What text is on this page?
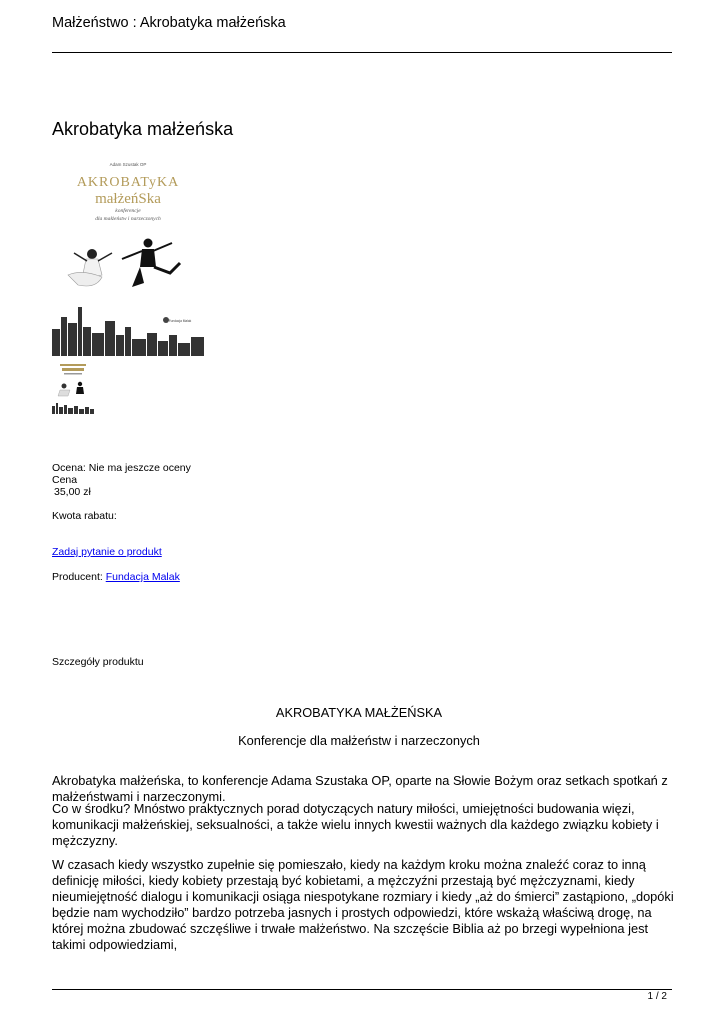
Małżeństwo : Akrobatyka małżeńska
Akrobatyka małżeńska
Adam Szustak OP
AKROBATyKA
małżeńSka
konferencje
dla małżeństw i narzeczonych
Fundacja Malak
Ocena: Nie ma jeszcze oceny
Cena
35,00 zł
Kwota rabatu:
Zadaj pytanie o produkt
Producent: Fundacja Malak
Szczegóły produktu
AKROBATYKA MAŁŻEŃSKA
Konferencje dla małżeństw i narzeczonych
Akrobatyka małżeńska, to konferencje Adama Szustaka OP, oparte na Słowie Bożym oraz setkach spotkań z małżeństwami i narzeczonymi.
Co w środku? Mnóstwo praktycznych porad dotyczących natury miłości, umiejętności budowania więzi, komunikacji małżeńskiej, seksualności, a także wielu innych kwestii ważnych dla każdego związku kobiety i mężczyzny.
W czasach kiedy wszystko zupełnie się pomieszało, kiedy na każdym kroku można znaleźć coraz to inną definicję miłości, kiedy kobiety przestają być kobietami, a mężczyźni przestają być mężczyznami, kiedy nieumiejętność dialogu i komunikacji osiąga niespotykane rozmiary i kiedy „aż do śmierci” zastąpiono, „dopóki będzie nam wychodziło” bardzo potrzeba jasnych i prostych odpowiedzi, które wskażą właściwą drogę, na której można zbudować szczęśliwe i trwałe małżeństwo. Na szczęście Biblia aż po brzegi wypełniona jest takimi odpowiedziami,
1 / 2
